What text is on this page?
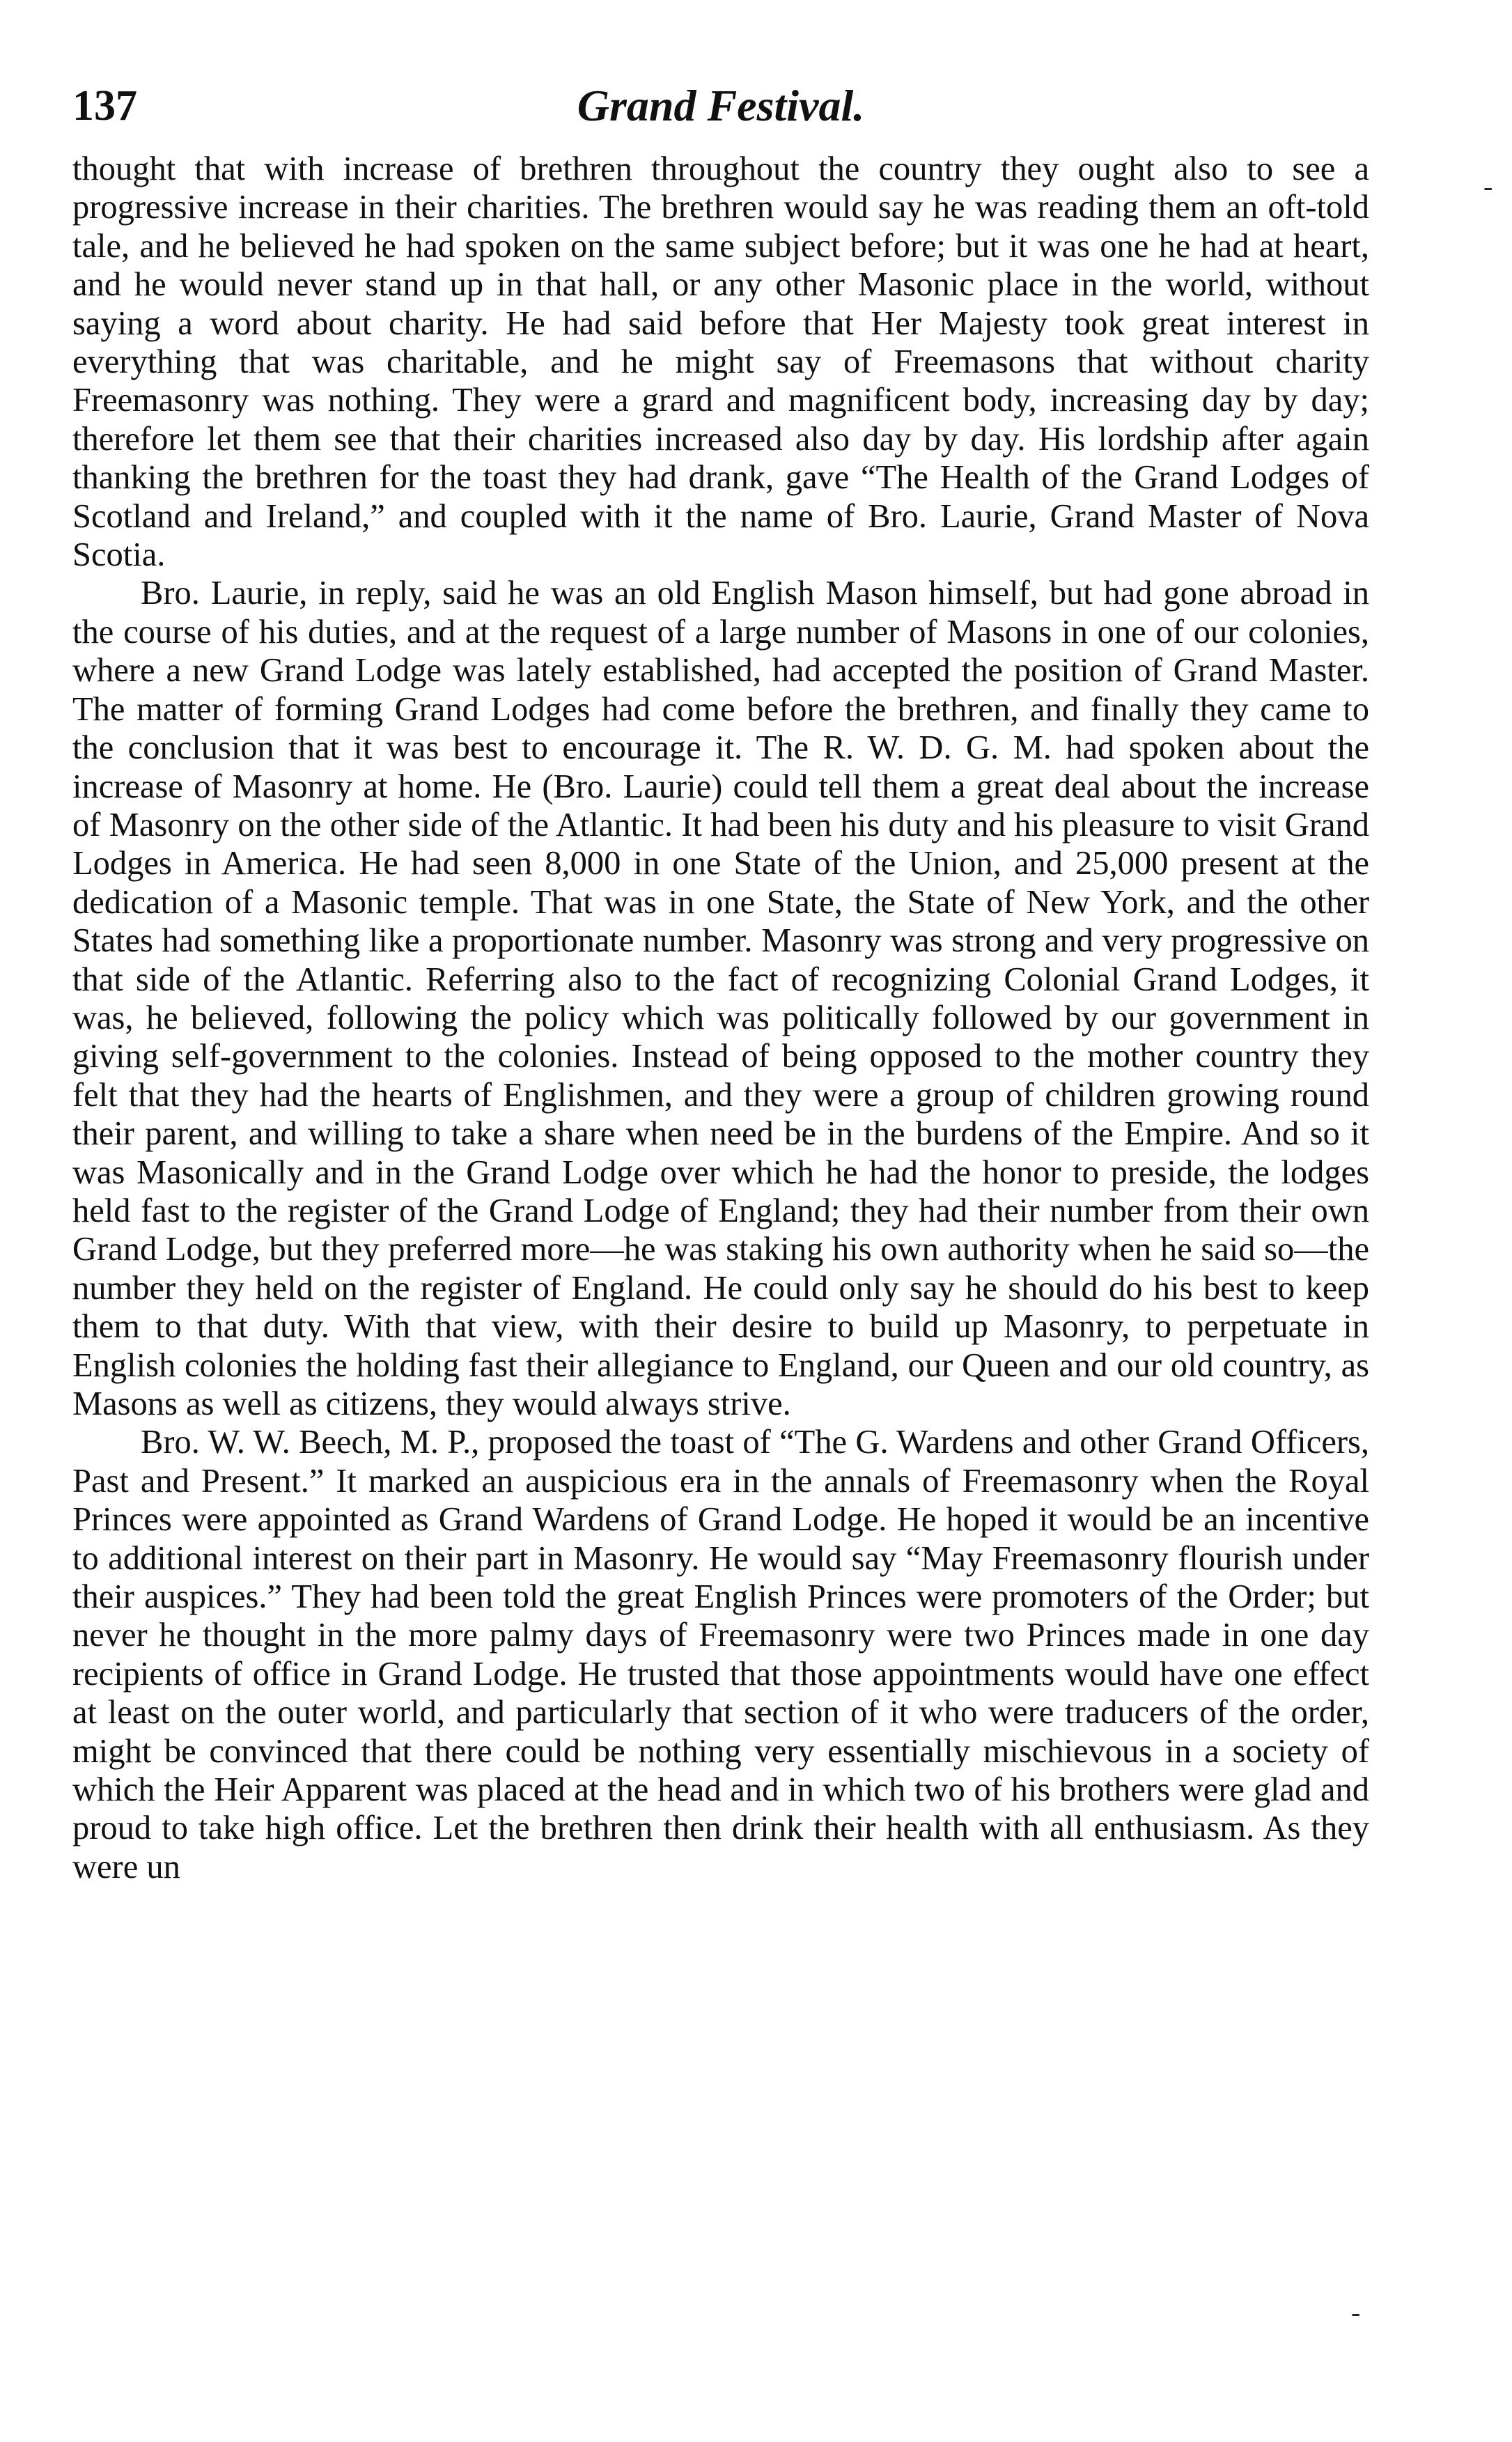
137	Grand Festival.

thought that with increase of brethren throughout the country they ought also to see a progressive increase in their charities. The brethren would say he was reading them an oft-told tale, and he believed he had spoken on the same subject before; but it was one he had at heart, and he would never stand up in that hall, or any other Masonic place in the world, without saying a word about charity. He had said before that Her Majesty took great interest in everything that was charitable, and he might say of Freemasons that without charity Freemasonry was nothing. They were a grard and magnificent body, increasing day by day; therefore let them see that their charities increased also day by day. His lordship after again thanking the brethren for the toast they had drank, gave “The Health of the Grand Lodges of Scotland and Ireland,” and coupled with it the name of Bro. Laurie, Grand Master of Nova Scotia.

Bro. Laurie, in reply, said he was an old English Mason himself, but had gone abroad in the course of his duties, and at the request of a large number of Masons in one of our colonies, where a new Grand Lodge was lately established, had accepted the position of Grand Master. The matter of forming Grand Lodges had come before the brethren, and finally they came to the conclusion that it was best to encourage it. The R. W. D. G. M. had spoken about the increase of Masonry at home. He (Bro. Laurie) could tell them a great deal about the increase of Masonry on the other side of the Atlantic. It had been his duty and his pleasure to visit Grand Lodges in America. He had seen 8,000 in one State of the Union, and 25,000 present at the dedication of a Masonic temple. That was in one State, the State of New York, and the other States had something like a proportionate number. Masonry was strong and very progressive on that side of the Atlantic. Referring also to the fact of recognizing Colonial Grand Lodges, it was, he believed, following the policy which was politically followed by our government in giving self-government to the colonies. Instead of being opposed to the mother country they felt that they had the hearts of Englishmen, and they were a group of children growing round their parent, and willing to take a share when need be in the burdens of the Empire. And so it was Masonically and in the Grand Lodge over which he had the honor to preside, the lodges held fast to the register of the Grand Lodge of England; they had their number from their own Grand Lodge, but they preferred more—he was staking his own authority when he said so—the number they held on the register of England. He could only say he should do his best to keep them to that duty. With that view, with their desire to build up Masonry, to perpetuate in English colonies the holding fast their allegiance to England, our Queen and our old country, as Masons as well as citizens, they would always strive.

Bro. W. W. Beech, M. P., proposed the toast of “The G. Wardens and other Grand Officers, Past and Present.” It marked an auspicious era in the annals of Freemasonry when the Royal Princes were appointed as Grand Wardens of Grand Lodge. He hoped it would be an incentive to additional interest on their part in Masonry. He would say “May Freemasonry flourish under their auspices.” They had been told the great English Princes were promoters of the Order; but never he thought in the more palmy days of Freemasonry were two Princes made in one day recipients of office in Grand Lodge. He trusted that those appointments would have one effect at least on the outer world, and particularly that section of it who were traducers of the order, might be convinced that there could be nothing very essentially mischievous in a society of which the Heir Apparent was placed at the head and in which two of his brothers were glad and proud to take high office. Let the brethren then drink their health with all enthusiasm. As they were un

-
-
